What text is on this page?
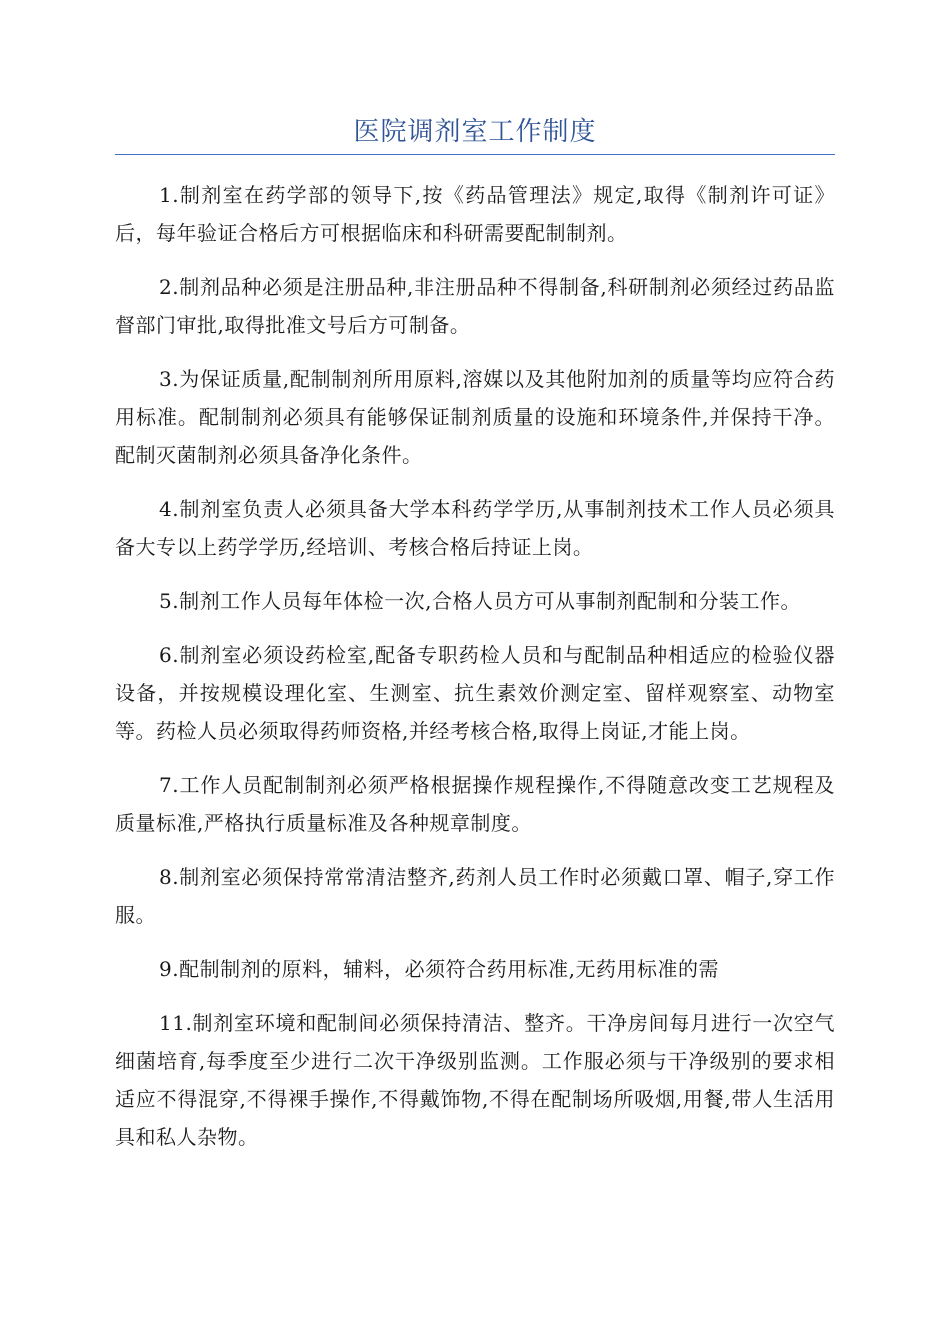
医院调剂室工作制度

1.制剂室在药学部的领导下,按《药品管理法》规定,取得《制剂许可证》后，每年验证合格后方可根据临床和科研需要配制制剂。

2.制剂品种必须是注册品种,非注册品种不得制备,科研制剂必须经过药品监督部门审批,取得批准文号后方可制备。

3.为保证质量,配制制剂所用原料,溶媒以及其他附加剂的质量等均应符合药用标准。配制制剂必须具有能够保证制剂质量的设施和环境条件,并保持干净。配制灭菌制剂必须具备净化条件。

4.制剂室负责人必须具备大学本科药学学历,从事制剂技术工作人员必须具备大专以上药学学历,经培训、考核合格后持证上岗。

5.制剂工作人员每年体检一次,合格人员方可从事制剂配制和分装工作。

6.制剂室必须设药检室,配备专职药检人员和与配制品种相适应的检验仪器设备，并按规模设理化室、生测室、抗生素效价测定室、留样观察室、动物室等。药检人员必须取得药师资格,并经考核合格,取得上岗证,才能上岗。

7.工作人员配制制剂必须严格根据操作规程操作,不得随意改变工艺规程及质量标准,严格执行质量标准及各种规章制度。

8.制剂室必须保持常常清洁整齐,药剂人员工作时必须戴口罩、帽子,穿工作服。

9.配制制剂的原料，辅料，必须符合药用标准,无药用标准的需

11.制剂室环境和配制间必须保持清洁、整齐。干净房间每月进行一次空气细菌培育,每季度至少进行二次干净级别监测。工作服必须与干净级别的要求相适应不得混穿,不得裸手操作,不得戴饰物,不得在配制场所吸烟,用餐,带人生活用具和私人杂物。
